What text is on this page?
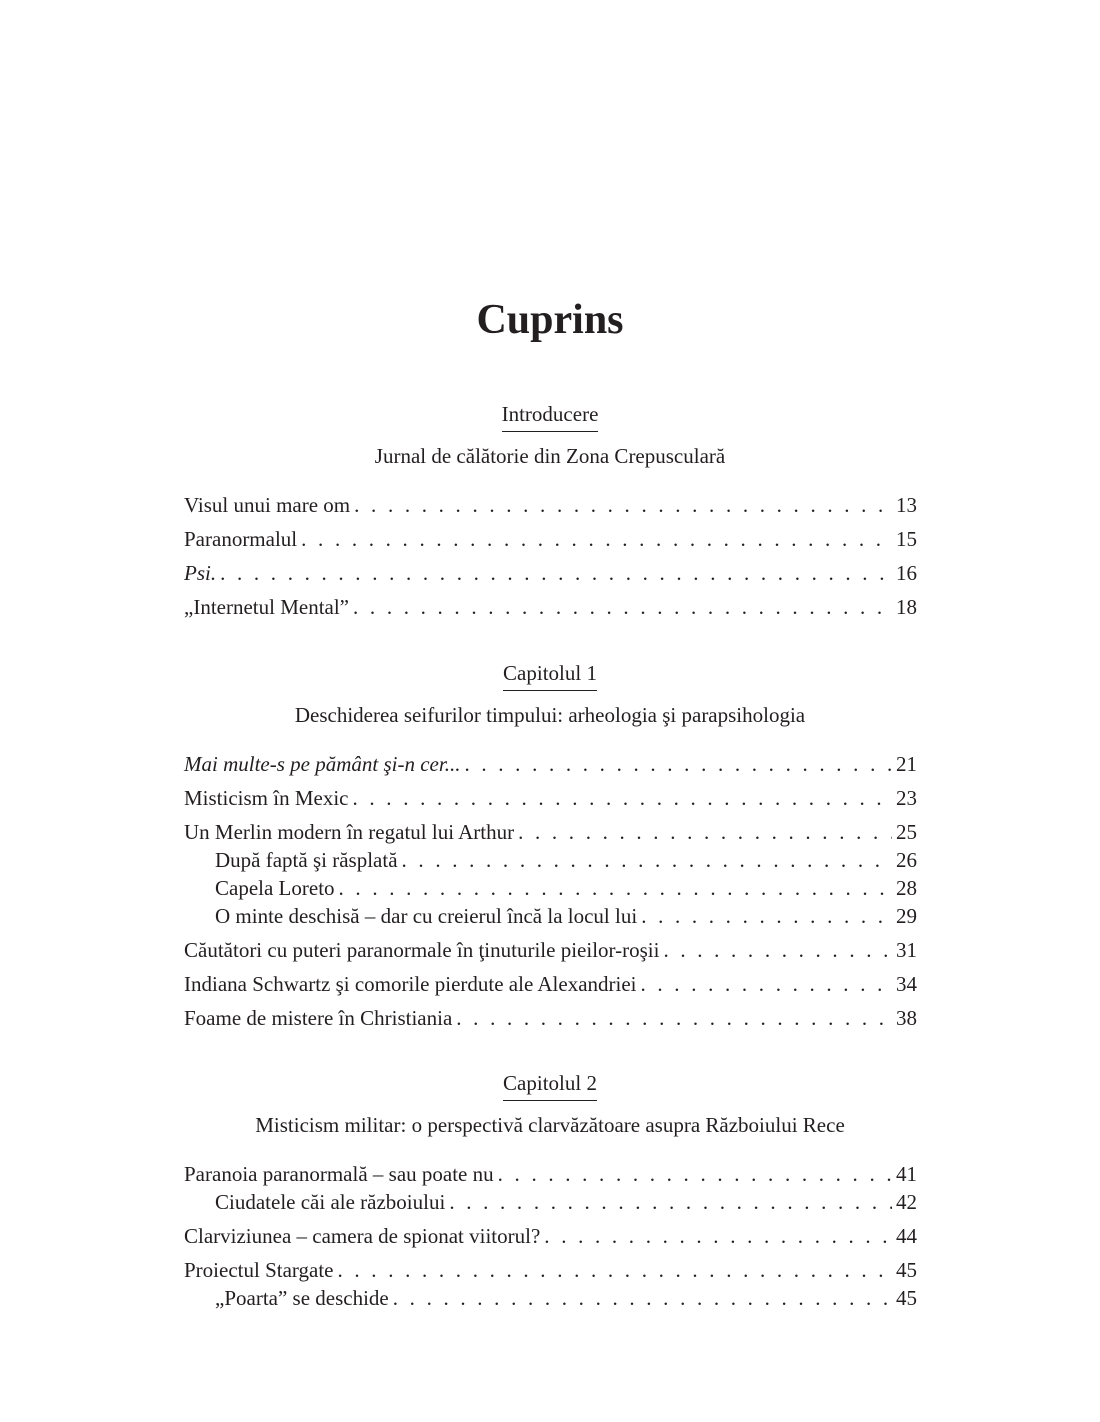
Cuprins
Introducere
Jurnal de călătorie din Zona Crepusculară
Visul unui mare om . . .	13
Paranormalul . . .	15
Psi. . . .	16
„Internetul Mental” . . .	18
Capitolul 1
Deschiderea seifurilor timpului: arheologia şi parapsihologia
Mai multe-s pe pământ şi-n cer... . . .	21
Misticism în Mexic . . .	23
Un Merlin modern în regatul lui Arthur . . .	25
După faptă şi răsplată . . .	26
Capela Loreto . . .	28
O minte deschisă – dar cu creierul încă la locul lui . . .	29
Căutători cu puteri paranormale în ţinuturile pieilor-roşii . . .	31
Indiana Schwartz şi comorile pierdute ale Alexandriei . . .	34
Foame de mistere în Christiania . . .	38
Capitolul 2
Misticism militar: o perspectivă clarvăzătoare asupra Războiului Rece
Paranoia paranormală – sau poate nu . . .	41
Ciudatele căi ale războiului . . .	42
Clarviziunea – camera de spionat viitorul? . . .	44
Proiectul Stargate . . .	45
„Poarta” se deschide . . .	45
